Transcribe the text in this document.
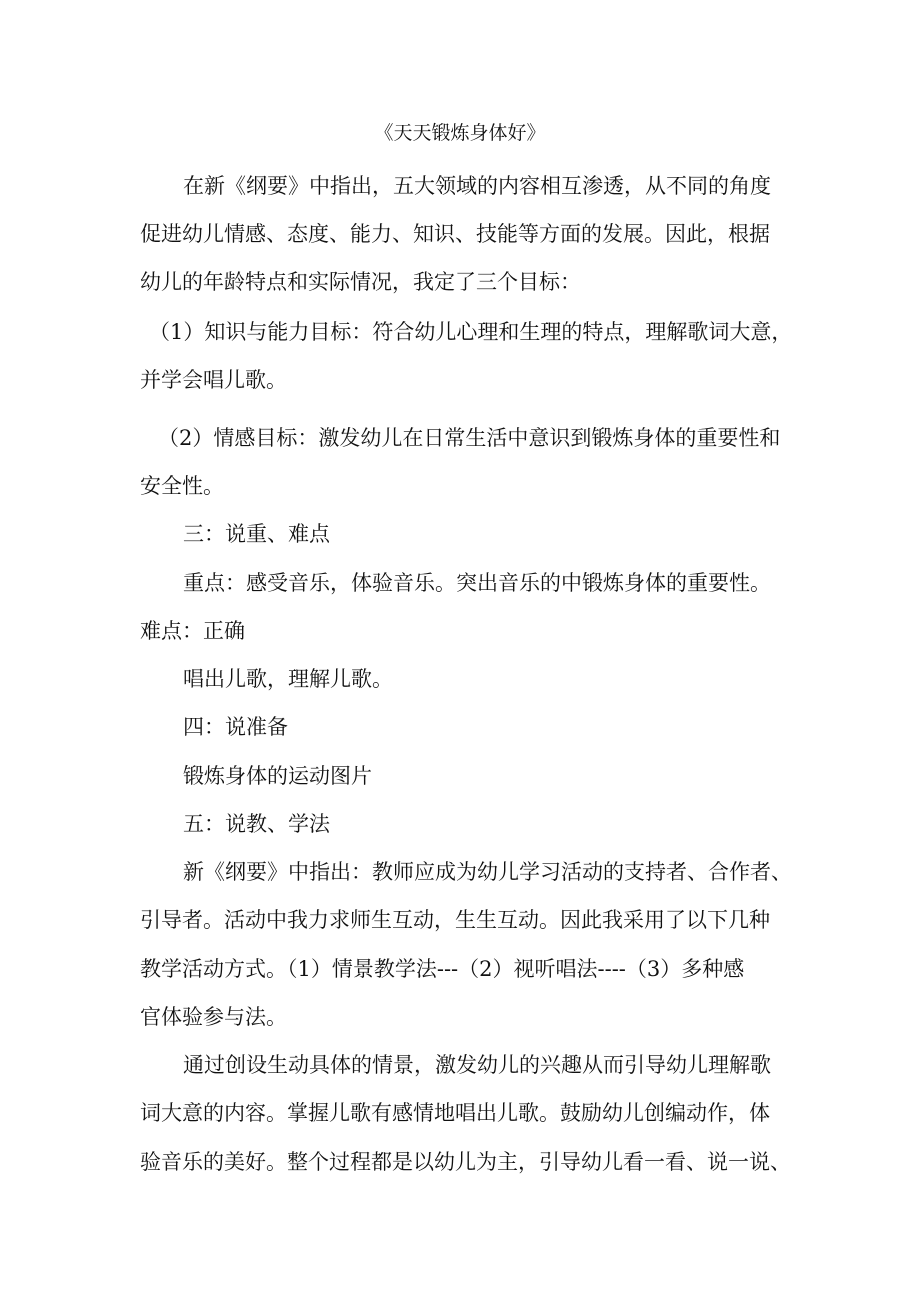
《天天锻炼身体好》
在新《纲要》中指出，五大领域的内容相互渗透，从不同的角度
促进幼儿情感、态度、能力、知识、技能等方面的发展。因此，根据
幼儿的年龄特点和实际情况，我定了三个目标：
（1）知识与能力目标：符合幼儿心理和生理的特点，理解歌词大意，
并学会唱儿歌。
（2）情感目标：激发幼儿在日常生活中意识到锻炼身体的重要性和
安全性。
三：说重、难点
重点：感受音乐，体验音乐。突出音乐的中锻炼身体的重要性。
难点：正确
唱出儿歌，理解儿歌。
四：说准备
锻炼身体的运动图片
五：说教、学法
新《纲要》中指出：教师应成为幼儿学习活动的支持者、合作者、
引导者。活动中我力求师生互动，生生互动。因此我采用了以下几种
教学活动方式。（1）情景教学法---（2）视听唱法----（3）多种感
官体验参与法。
通过创设生动具体的情景，激发幼儿的兴趣从而引导幼儿理解歌
词大意的内容。掌握儿歌有感情地唱出儿歌。鼓励幼儿创编动作，体
验音乐的美好。整个过程都是以幼儿为主，引导幼儿看一看、说一说、
